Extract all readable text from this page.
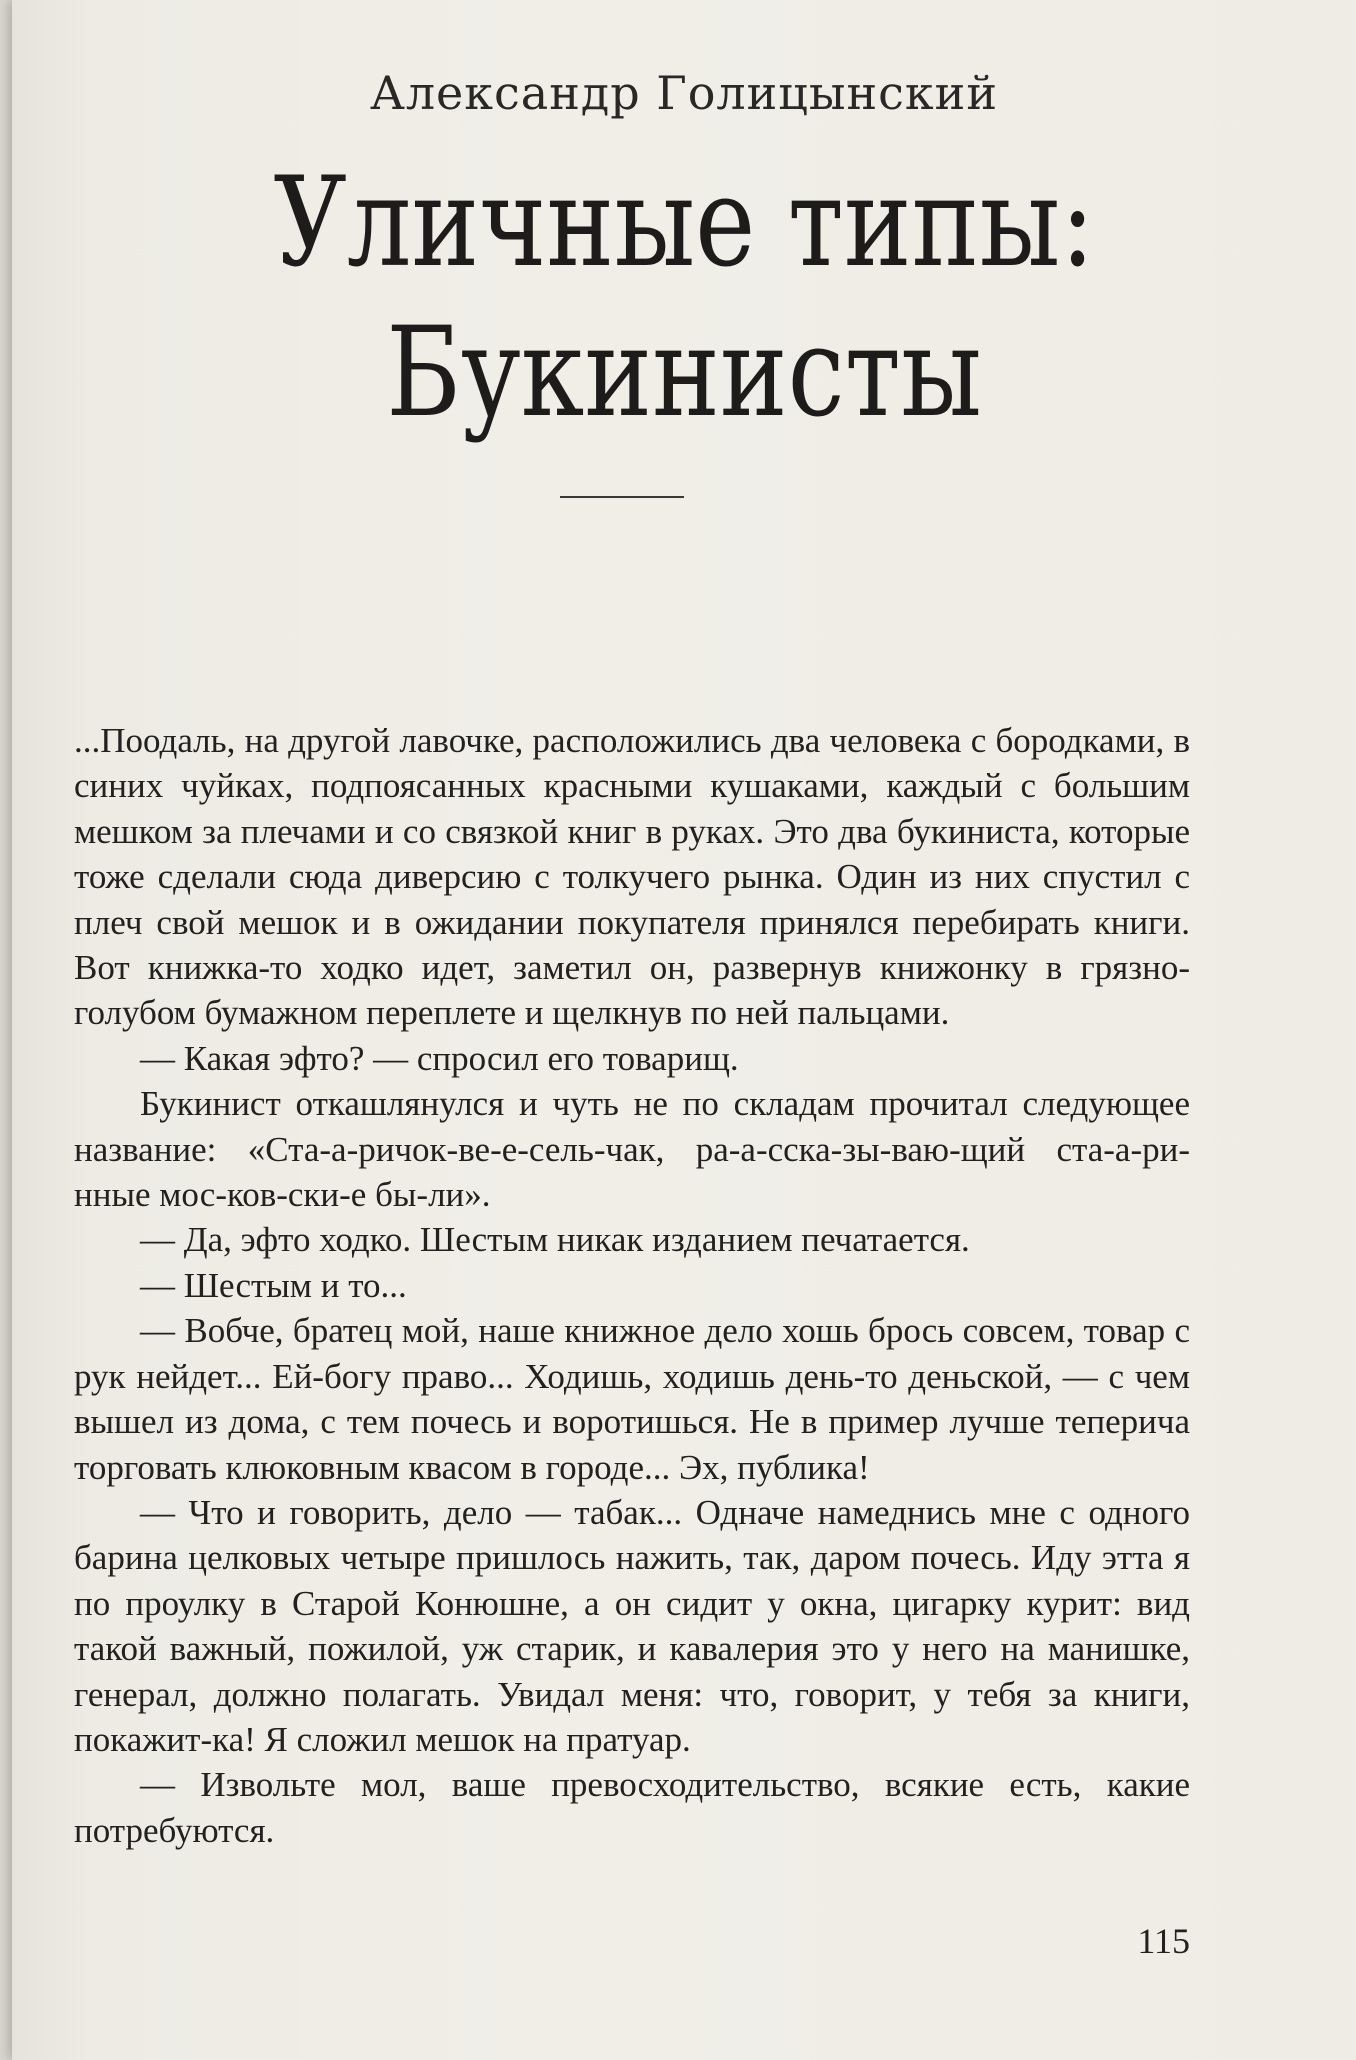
Александр Голицынский
Уличные типы:
Букинисты

...Поодаль, на другой лавочке, расположились два человека с бородками, в синих чуйках, подпоясанных красными кушаками, каждый с большим мешком за плечами и со связкой книг в руках. Это два букиниста, которые тоже сделали сюда диверсию с толкучего рынка. Один из них спустил с плеч свой мешок и в ожидании покупателя принялся перебирать книги. Вот книжка-то ходко идет, заметил он, развернув книжонку в грязно-голубом бумажном переплете и щелкнув по ней пальцами.

— Какая эфто? — спросил его товарищ.

Букинист откашлянулся и чуть не по складам прочитал следующее название: «Ста-а-ричок-ве-е-сель-чак, ра-а-сска-зы-ваю-щий ста-а-ри-нные мос-ков-ски-е бы-ли».

— Да, эфто ходко. Шестым никак изданием печатается.

— Шестым и то...

— Вобче, братец мой, наше книжное дело хошь брось совсем, товар с рук нейдет... Ей-богу право... Ходишь, ходишь день-то деньской, — с чем вышел из дома, с тем почесь и воротишься. Не в пример лучше теперича торговать клюковным квасом в городе... Эх, публика!

— Что и говорить, дело — табак... Одначе намеднись мне с одного барина целковых четыре пришлось нажить, так, даром почесь. Иду этта я по проулку в Старой Конюшне, а он сидит у окна, цигарку курит: вид такой важный, пожилой, уж старик, и кавалерия это у него на манишке, генерал, должно полагать. Увидал меня: что, говорит, у тебя за книги, покажит-ка! Я сложил мешок на пратуар.

— Извольте мол, ваше превосходительство, всякие есть, какие потребуются.

115
